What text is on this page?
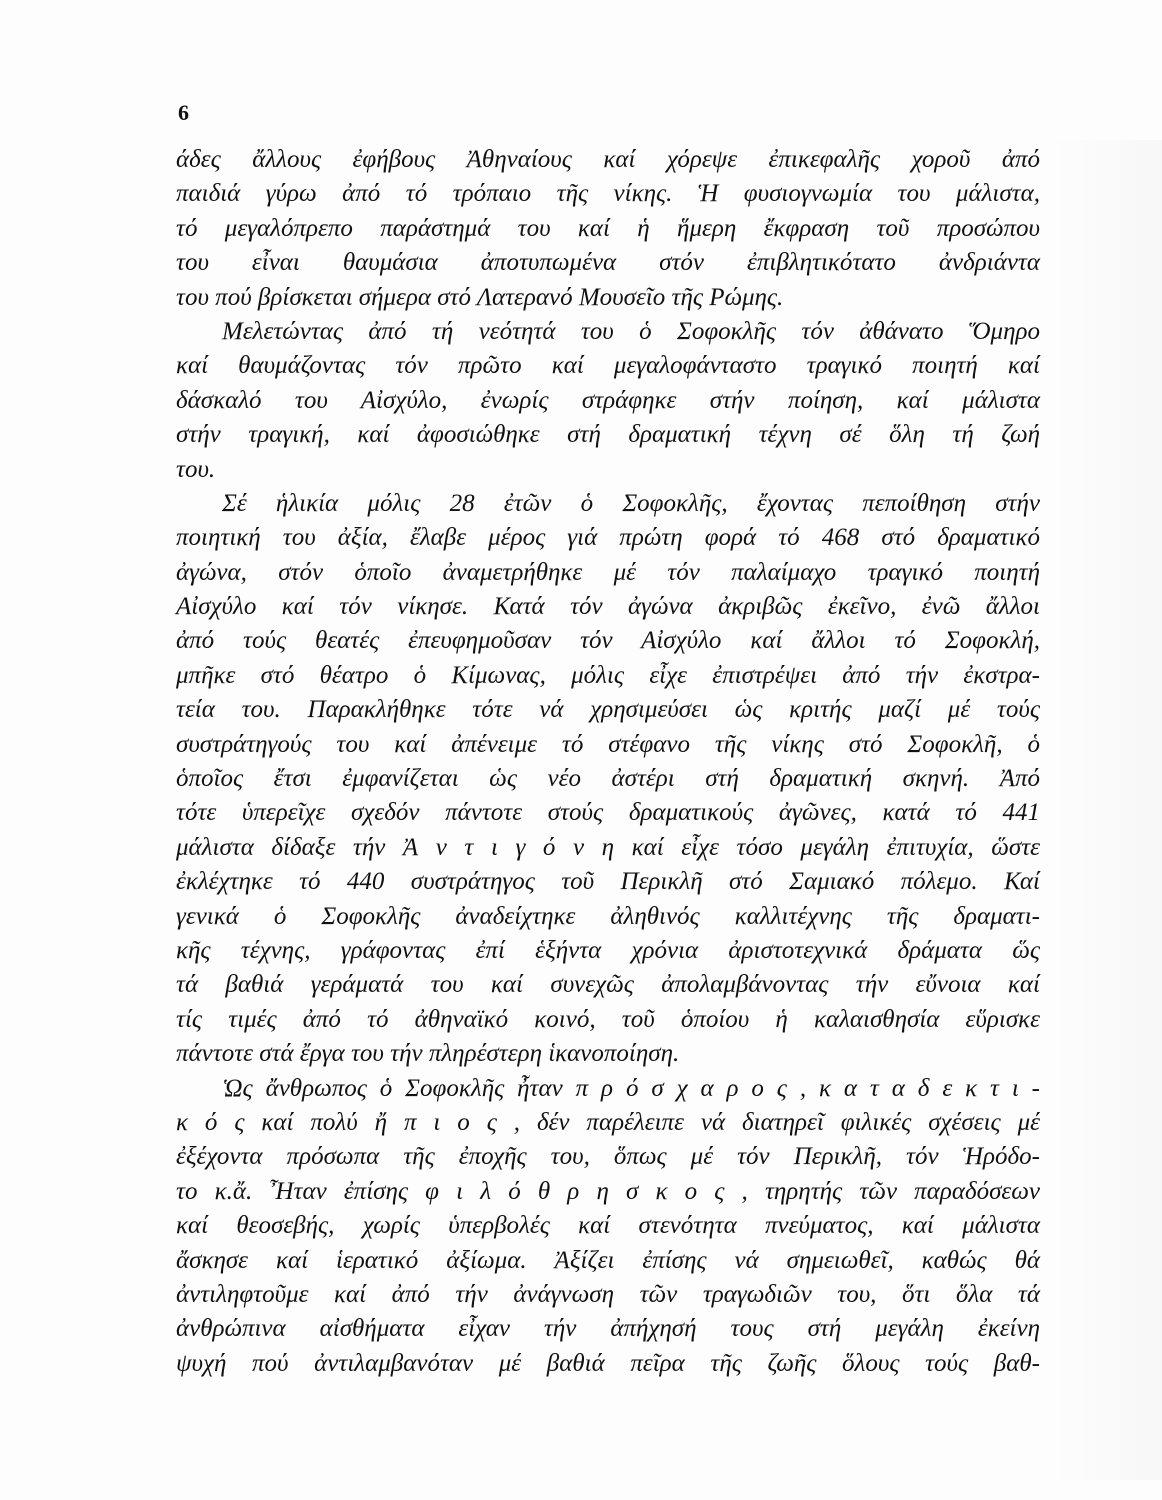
6
άδες ἄλλους ἐφήβους Ἀθηναίους καί χόρεψε ἐπικεφαλῆς χοροῦ ἀπό
παιδιά γύρω ἀπό τό τρόπαιο τῆς νίκης. Ἡ φυσιογνωμία του μάλιστα,
τό μεγαλόπρεπο παράστημά του καί ἡ ἥμερη ἔκφραση τοῦ προσώπου
του εἶναι θαυμάσια ἀποτυπωμένα στόν ἐπιβλητικότατο ἀνδριάντα
του πού βρίσκεται σήμερα στό Λατερανό Μουσεῖο τῆς Ρώμης.
Μελετώντας ἀπό τή νεότητά του ὁ Σοφοκλῆς τόν ἀθάνατο Ὅμηρο
καί θαυμάζοντας τόν πρῶτο καί μεγαλοφάνταστο τραγικό ποιητή καί
δάσκαλό του Αἰσχύλο, ἐνωρίς στράφηκε στήν ποίηση, καί μάλιστα
στήν τραγική, καί ἀφοσιώθηκε στή δραματική τέχνη σέ ὅλη τή ζωή
του.
Σέ ἡλικία μόλις 28 ἐτῶν ὁ Σοφοκλῆς, ἔχοντας πεποίθηση στήν
ποιητική του ἀξία, ἔλαβε μέρος γιά πρώτη φορά τό 468 στό δραματικό
ἀγώνα, στόν ὁποῖο ἀναμετρήθηκε μέ τόν παλαίμαχο τραγικό ποιητή
Αἰσχύλο καί τόν νίκησε. Κατά τόν ἀγώνα ἀκριβῶς ἐκεῖνο, ἐνῶ ἄλλοι
ἀπό τούς θεατές ἐπευφημοῦσαν τόν Αἰσχύλο καί ἄλλοι τό Σοφοκλή,
μπῆκε στό θέατρο ὁ Κίμωνας, μόλις εἶχε ἐπιστρέψει ἀπό τήν ἐκστρα-
τεία του. Παρακλήθηκε τότε νά χρησιμεύσει ὡς κριτής μαζί μέ τούς
συστράτηγούς του καί ἀπένειμε τό στέφανο τῆς νίκης στό Σοφοκλῆ, ὁ
ὁποῖος ἔτσι ἐμφανίζεται ὡς νέο ἀστέρι στή δραματική σκηνή. Ἀπό
τότε ὑπερεῖχε σχεδόν πάντοτε στούς δραματικούς ἀγῶνες, κατά τό 441
μάλιστα δίδαξε τήν Ἀ ν τ ι γ ό ν η καί εἶχε τόσο μεγάλη ἐπιτυχία, ὥστε
ἐκλέχτηκε τό 440 συστράτηγος τοῦ Περικλῆ στό Σαμιακό πόλεμο. Καί
γενικά ὁ Σοφοκλῆς ἀναδείχτηκε ἀληθινός καλλιτέχνης τῆς δραματι-
κῆς τέχνης, γράφοντας ἐπί ἑξήντα χρόνια ἀριστοτεχνικά δράματα ὥς
τά βαθιά γεράματά του καί συνεχῶς ἀπολαμβάνοντας τήν εὔνοια καί
τίς τιμές ἀπό τό ἀθηναϊκό κοινό, τοῦ ὁποίου ἡ καλαισθησία εὕρισκε
πάντοτε στά ἔργα του τήν πληρέστερη ἱκανοποίηση.
Ὡς ἄνθρωπος ὁ Σοφοκλῆς ἦταν π ρ ό σ χ α ρ ο ς , κ α τ α δ ε κ τ ι -
κ ό ς καί πολύ ἤ π ι ο ς , δέν παρέλειπε νά διατηρεῖ φιλικές σχέσεις μέ
ἐξέχοντα πρόσωπα τῆς ἐποχῆς του, ὅπως μέ τόν Περικλῆ, τόν Ἡρόδο-
το κ.ἄ. Ἦταν ἐπίσης φ ι λ ό θ ρ η σ κ ο ς , τηρητής τῶν παραδόσεων
καί θεοσεβής, χωρίς ὑπερβολές καί στενότητα πνεύματος, καί μάλιστα
ἄσκησε καί ἱερατικό ἀξίωμα. Ἀξίζει ἐπίσης νά σημειωθεῖ, καθώς θά
ἀντιληφτοῦμε καί ἀπό τήν ἀνάγνωση τῶν τραγωδιῶν του, ὅτι ὅλα τά
ἀνθρώπινα αἰσθήματα εἶχαν τήν ἀπήχησή τους στή μεγάλη ἐκείνη
ψυχή πού ἀντιλαμβανόταν μέ βαθιά πεῖρα τῆς ζωῆς ὅλους τούς βαθ-
